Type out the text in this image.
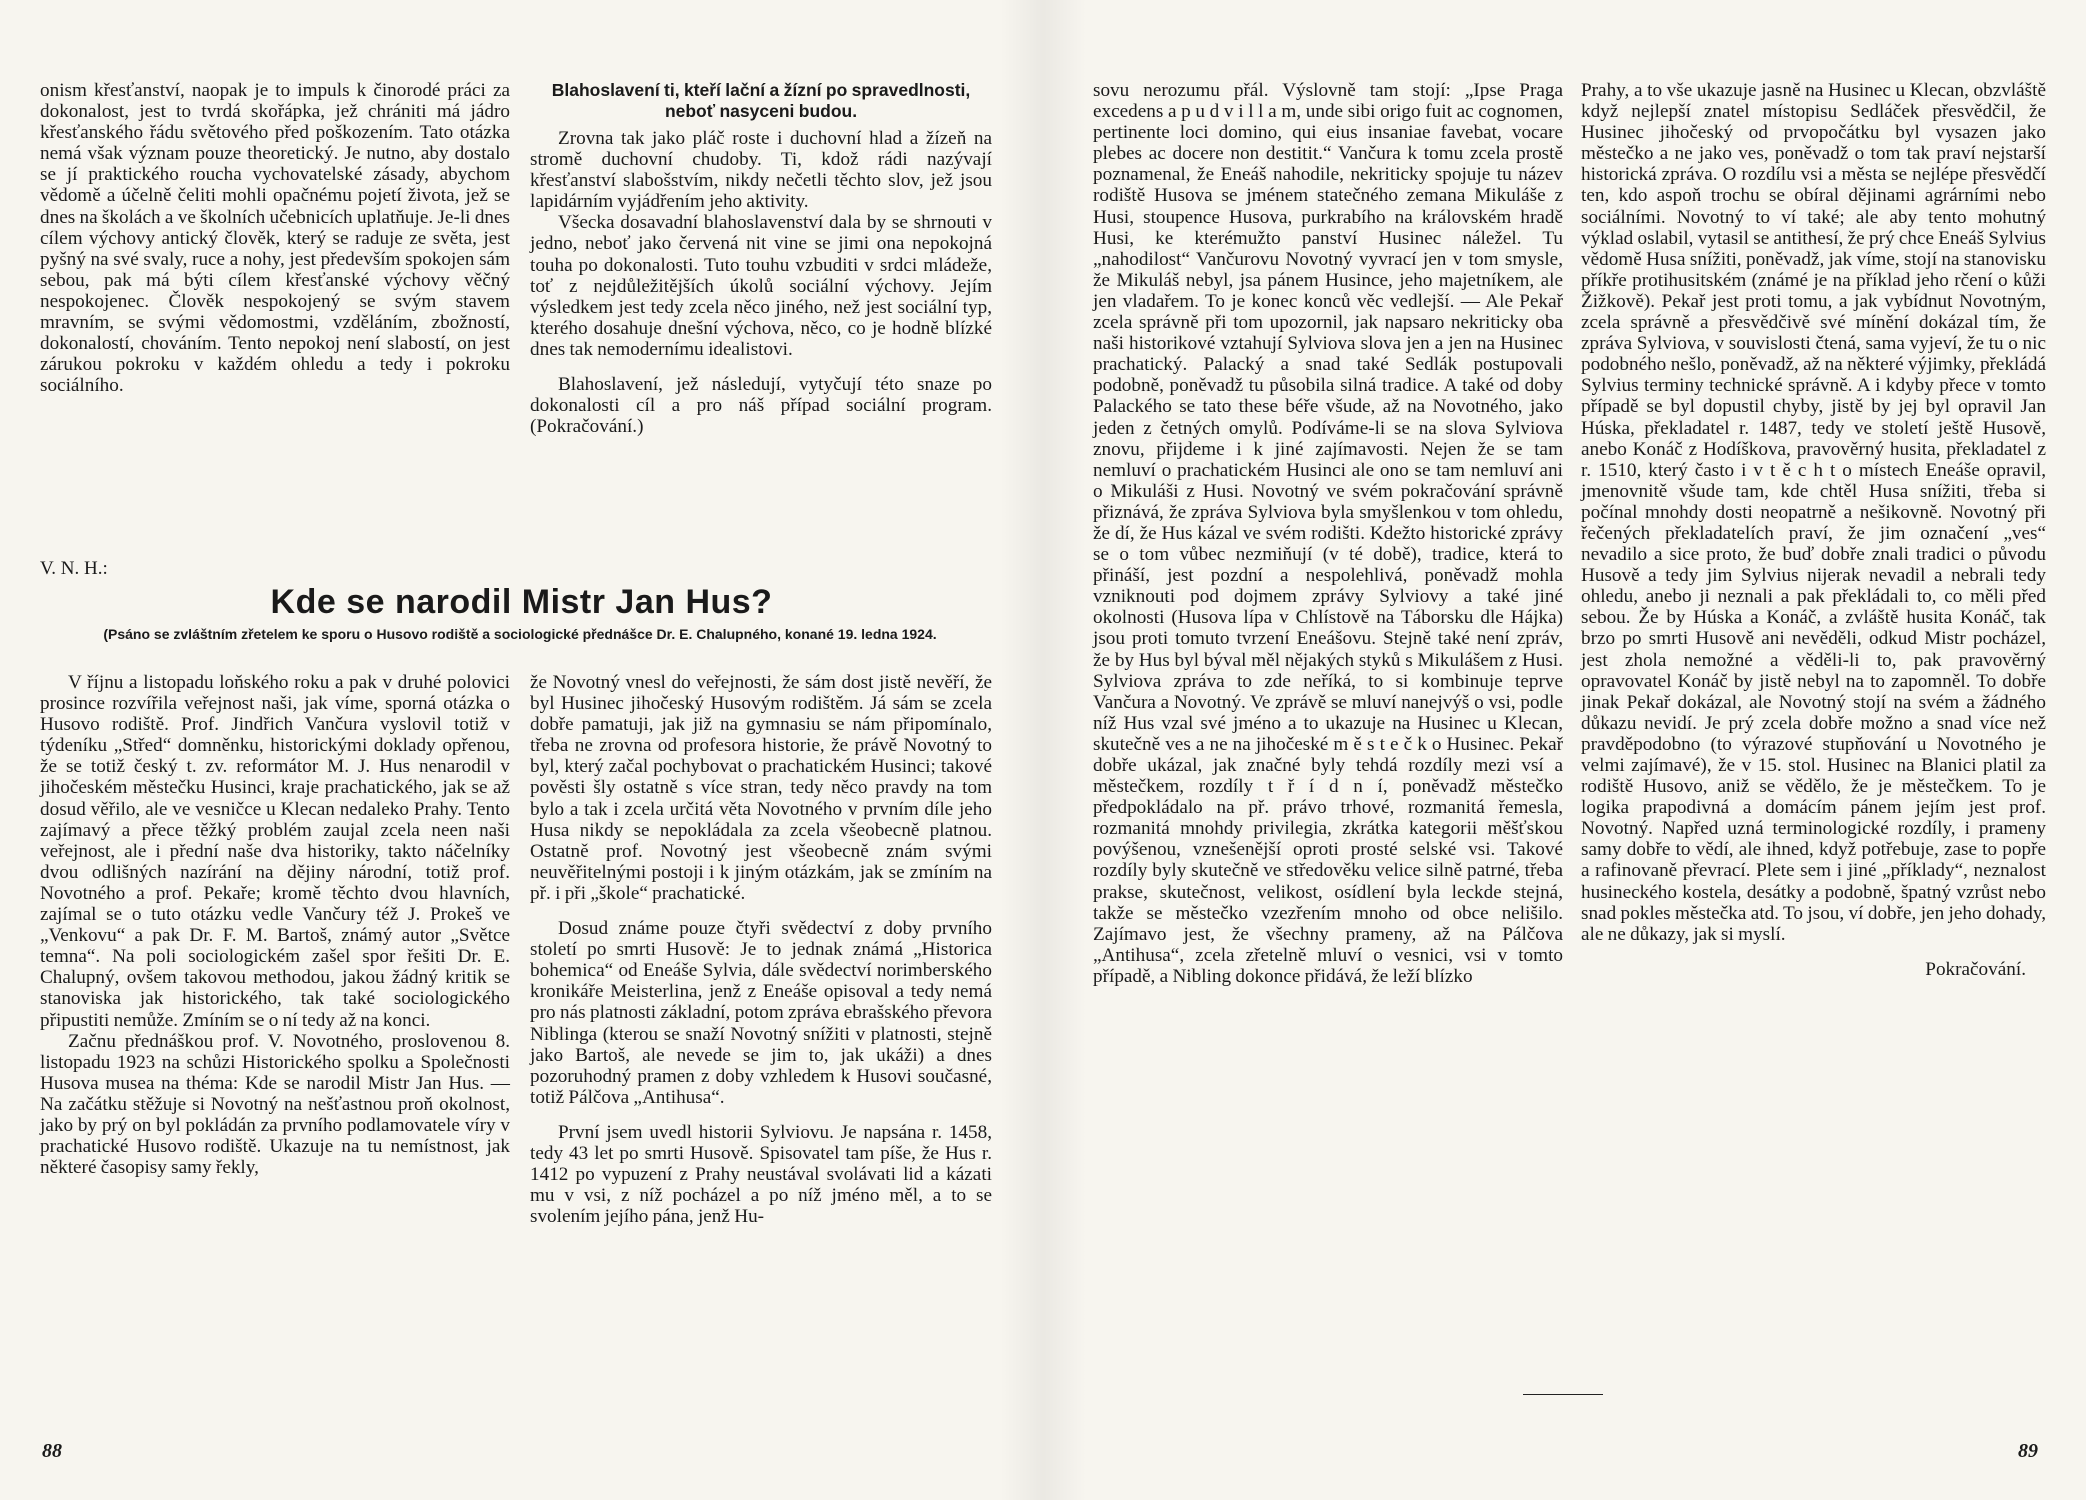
onism křesťanství, naopak je to impuls k činorodé práci za dokonalost, jest to tvrdá skořápka, jež chrániti má jádro křesťanského řádu světového před poškozením. Tato otázka nemá však význam pouze theoretický. Je nutno, aby dostalo se jí praktického roucha vychovatelské zásady, abychom vědomě a účelně čeliti mohli opačnému pojetí života, jež se dnes na školách a ve školních učebnicích uplatňuje. Je-li dnes cílem výchovy antický člověk, který se raduje ze světa, jest pyšný na své svaly, ruce a nohy, jest především spokojen sám sebou, pak má býti cílem křesťanské výchovy věčný nespokojenec. Člověk nespokojený se svým stavem mravním, se svými vědomostmi, vzděláním, zbožností, dokonalostí, chováním. Tento nepokoj není slabostí, on jest zárukou pokroku v každém ohledu a tedy i pokroku sociálního.

Blahoslavení ti, kteří lační a žízní po spravedlnosti, neboť nasyceni budou.

Zrovna tak jako pláč roste i duchovní hlad a žízeň na stromě duchovní chudoby. Ti, kdož rádi nazývají křesťanství slabošstvím, nikdy nečetli těchto slov, jež jsou lapidárním vyjádřením jeho aktivity.

Všecka dosavadní blahoslavenství dala by se shrnouti v jedno, neboť jako červená nit vine se jimi ona nepokojná touha po dokonalosti. Tuto touhu vzbuditi v srdci mládeže, toť z nejdůležitějších úkolů sociální výchovy. Jejím výsledkem jest tedy zcela něco jiného, než jest sociální typ, kterého dosahuje dnešní výchova, něco, co je hodně blízké dnes tak nemodernímu idealistovi.

Blahoslavení, jež následují, vytyčují této snaze po dokonalosti cíl a pro náš případ sociální program. (Pokračování.)

V. N. H.:
Kde se narodil Mistr Jan Hus?
(Psáno se zvláštním zřetelem ke sporu o Husovo rodiště a sociologické přednášce Dr. E. Chalupného, konané 19. ledna 1924.

V říjnu a listopadu loňského roku a pak v druhé polovici prosince rozvířila veřejnost naši, jak víme, sporná otázka o Husovo rodiště. Prof. Jindřich Vančura vyslovil totiž v týdeníku „Střed“ domněnku, historickými doklady opřenou, že se totiž český t. zv. reformátor M. J. Hus nenarodil v jihočeském městečku Husinci, kraje prachatického, jak se až dosud věřilo, ale ve vesničce u Klecan nedaleko Prahy. Tento zajímavý a přece těžký problém zaujal zcela neen naši veřejnost, ale i přední naše dva historiky, takto náčelníky dvou odlišných nazírání na dějiny národní, totiž prof. Novotného a prof. Pekaře; kromě těchto dvou hlavních, zajímal se o tuto otázku vedle Vančury též J. Prokeš ve „Venkovu“ a pak Dr. F. M. Bartoš, známý autor „Světce temna“. Na poli sociologickém zašel spor řešiti Dr. E. Chalupný, ovšem takovou methodou, jakou žádný kritik se stanoviska jak historického, tak také sociologického připustiti nemůže. Zmíním se o ní tedy až na konci.

Začnu přednáškou prof. V. Novotného, proslovenou 8. listopadu 1923 na schůzi Historického spolku a Společnosti Husova musea na théma: Kde se narodil Mistr Jan Hus. — Na začátku stěžuje si Novotný na nešťastnou proň okolnost, jako by prý on byl pokládán za prvního podlamovatele víry v prachatické Husovo rodiště. Ukazuje na tu nemístnost, jak některé časopisy samy řekly,

že Novotný vnesl do veřejnosti, že sám dost jistě nevěří, že byl Husinec jihočeský Husovým rodištěm. Já sám se zcela dobře pamatuji, jak již na gymnasiu se nám připomínalo, třeba ne zrovna od profesora historie, že právě Novotný to byl, který začal pochybovat o prachatickém Husinci; takové pověsti šly ostatně s více stran, tedy něco pravdy na tom bylo a tak i zcela určitá věta Novotného v prvním díle jeho Husa nikdy se nepokládala za zcela všeobecně platnou. Ostatně prof. Novotný jest všeobecně znám svými neuvěřitelnými postoji i k jiným otázkám, jak se zmíním na př. i při „škole“ prachatické.

Dosud známe pouze čtyři svědectví z doby prvního století po smrti Husově: Je to jednak známá „Historica bohemica“ od Eneáše Sylvia, dále svědectví norimberského kronikáře Meisterlina, jenž z Eneáše opisoval a tedy nemá pro nás platnosti základní, potom zpráva ebrašského převora Niblinga (kterou se snaží Novotný snížiti v platnosti, stejně jako Bartoš, ale nevede se jim to, jak ukáži) a dnes pozoruhodný pramen z doby vzhledem k Husovi současné, totiž Pálčova „Antihusa“.

První jsem uvedl historii Sylviovu. Je napsána r. 1458, tedy 43 let po smrti Husově. Spisovatel tam píše, že Hus r. 1412 po vypuzení z Prahy neustával svolávati lid a kázati mu v vsi, z níž pocházel a po níž jméno měl, a to se svolením jejího pána, jenž Hu-

88

sovu nerozumu přál. Výslovně tam stojí: „Ipse Praga excedens a p u d v i l l a m, unde sibi origo fuit ac cognomen, pertinente loci domino, qui eius insaniae favebat, vocare plebes ac docere non destitit.“ Vančura k tomu zcela prostě poznamenal, že Eneáš nahodile, nekriticky spojuje tu název rodiště Husova se jménem statečného zemana Mikuláše z Husi, stoupence Husova, purkrabího na královském hradě Husi, ke kterémužto panství Husinec náležel. Tu „nahodilost“ Vančurovu Novotný vyvrací jen v tom smysle, že Mikuláš nebyl, jsa pánem Husince, jeho majetníkem, ale jen vladařem. To je konec konců věc vedlejší. — Ale Pekař zcela správně při tom upozornil, jak napsaro nekriticky oba naši historikové vztahují Sylviova slova jen a jen na Husinec prachatický. Palacký a snad také Sedlák postupovali podobně, poněvadž tu působila silná tradice. A také od doby Palackého se tato these béře všude, až na Novotného, jako jeden z četných omylů. Podíváme-li se na slova Sylviova znovu, přijdeme i k jiné zajímavosti. Nejen že se tam nemluví o prachatickém Husinci ale ono se tam nemluví ani o Mikuláši z Husi. Novotný ve svém pokračování správně přiznává, že zpráva Sylviova byla smyšlenkou v tom ohledu, že dí, že Hus kázal ve svém rodišti. Kdežto historické zprávy se o tom vůbec nezmiňují (v té době), tradice, která to přináší, jest pozdní a nespolehlivá, poněvadž mohla vzniknouti pod dojmem zprávy Sylviovy a také jiné okolnosti (Husova lípa v Chlístově na Táborsku dle Hájka) jsou proti tomuto tvrzení Eneášovu. Stejně také není zpráv, že by Hus byl býval měl nějakých styků s Mikulášem z Husi. Sylviova zpráva to zde neříká, to si kombinuje teprve Vančura a Novotný. Ve zprávě se mluví nanejvýš o vsi, podle níž Hus vzal své jméno a to ukazuje na Husinec u Klecan, skutečně ves a ne na jihočeské m ě s t e č k o Husinec. Pekař dobře ukázal, jak značné byly tehdá rozdíly mezi vsí a městečkem, rozdíly t ř í d n í, poněvadž městečko předpokládalo na př. právo trhové, rozmanitá řemesla, rozmanitá mnohdy privilegia, zkrátka kategorii měšťskou povýšenou, vznešenější oproti prosté selské vsi. Takové rozdíly byly skutečně ve středověku velice silně patrné, třeba prakse, skutečnost, velikost, osídlení byla leckde stejná, takže se městečko vzezřením mnoho od obce nelišilo. Zajímavo jest, že všechny prameny, až na Pálčova „Antihusa“, zcela zřetelně mluví o vesnici, vsi v tomto případě, a Nibling dokonce přidává, že leží blízko

Prahy, a to vše ukazuje jasně na Husinec u Klecan, obzvláště když nejlepší znatel místopisu Sedláček přesvědčil, že Husinec jihočeský od prvopočátku byl vysazen jako městečko a ne jako ves, poněvadž o tom tak praví nejstarší historická zpráva. O rozdílu vsi a města se nejlépe přesvědčí ten, kdo aspoň trochu se obíral dějinami agrárními nebo sociálními. Novotný to ví také; ale aby tento mohutný výklad oslabil, vytasil se antithesí, že prý chce Eneáš Sylvius vědomě Husa snížiti, poněvadž, jak víme, stojí na stanovisku příkře protihusitském (známé je na příklad jeho rčení o kůži Žižkově). Pekař jest proti tomu, a jak vybídnut Novotným, zcela správně a přesvědčivě své mínění dokázal tím, že zpráva Sylviova, v souvislosti čtená, sama vyjeví, že tu o nic podobného nešlo, poněvadž, až na některé výjimky, překládá Sylvius terminy technické správně. A i kdyby přece v tomto případě se byl dopustil chyby, jistě by jej byl opravil Jan Húska, překladatel r. 1487, tedy ve století ještě Husově, anebo Konáč z Hodíškova, pravověrný husita, překladatel z r. 1510, který často i v t ě c h t o místech Eneáše opravil, jmenovnitě všude tam, kde chtěl Husa snížiti, třeba si počínal mnohdy dosti neopatrně a nešikovně. Novotný při řečených překladatelích praví, že jim označení „ves“ nevadilo a sice proto, že buď dobře znali tradici o původu Husově a tedy jim Sylvius nijerak nevadil a nebrali tedy ohledu, anebo ji neznali a pak překládali to, co měli před sebou. Že by Húska a Konáč, a zvláště husita Konáč, tak brzo po smrti Husově ani nevěděli, odkud Mistr pocházel, jest zhola nemožné a věděli-li to, pak pravověrný opravovatel Konáč by jistě nebyl na to zapomněl. To dobře jinak Pekař dokázal, ale Novotný stojí na svém a žádného důkazu nevidí. Je prý zcela dobře možno a snad více než pravděpodobno (to výrazové stupňování u Novotného je velmi zajímavé), že v 15. stol. Husinec na Blanici platil za rodiště Husovo, aniž se vědělo, že je městečkem. To je logika prapodivná a domácím pánem jejím jest prof. Novotný. Napřed uzná terminologické rozdíly, i prameny samy dobře to vědí, ale ihned, když potřebuje, zase to popře a rafinovaně převrací. Plete sem i jiné „příklady“, neznalost husineckého kostela, desátky a podobně, špatný vzrůst nebo snad pokles městečka atd. To jsou, ví dobře, jen jeho dohady, ale ne důkazy, jak si myslí.

Pokračování.

89
